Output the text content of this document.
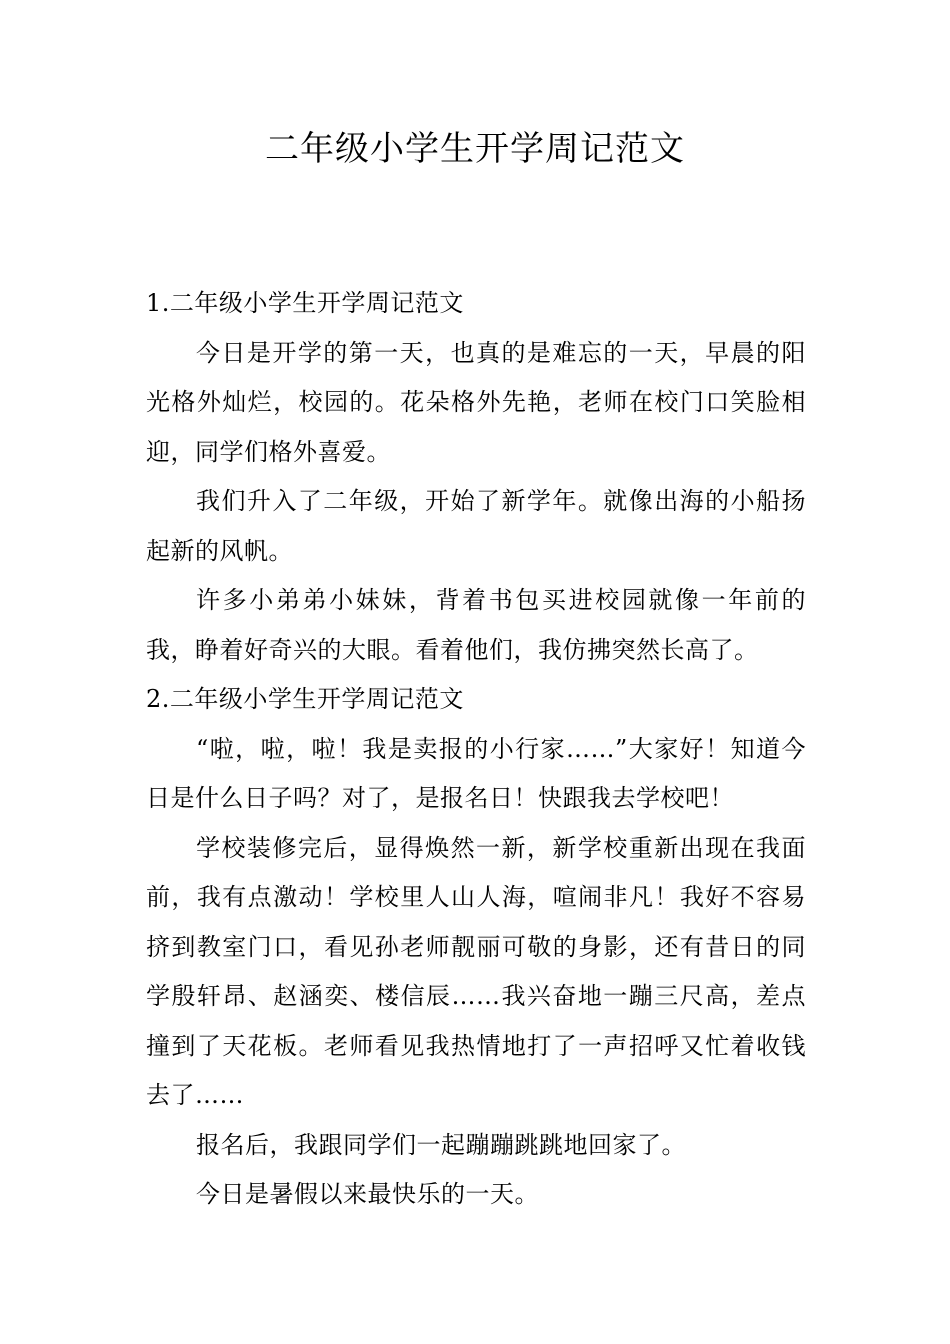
二年级小学生开学周记范文

1.二年级小学生开学周记范文

今日是开学的第一天，也真的是难忘的一天，早晨的阳光格外灿烂，校园的。花朵格外先艳，老师在校门口笑脸相迎，同学们格外喜爱。

我们升入了二年级，开始了新学年。就像出海的小船扬起新的风帆。

许多小弟弟小妹妹，背着书包买进校园就像一年前的我，睁着好奇兴的大眼。看着他们，我仿拂突然长高了。

2.二年级小学生开学周记范文

“啦，啦，啦！我是卖报的小行家……”大家好！知道今日是什么日子吗？对了，是报名日！快跟我去学校吧！

学校装修完后，显得焕然一新，新学校重新出现在我面前，我有点激动！学校里人山人海，喧闹非凡！我好不容易挤到教室门口，看见孙老师靓丽可敬的身影，还有昔日的同学殷轩昂、赵涵奕、楼信辰……我兴奋地一蹦三尺高，差点撞到了天花板。老师看见我热情地打了一声招呼又忙着收钱去了……

报名后，我跟同学们一起蹦蹦跳跳地回家了。

今日是暑假以来最快乐的一天。
